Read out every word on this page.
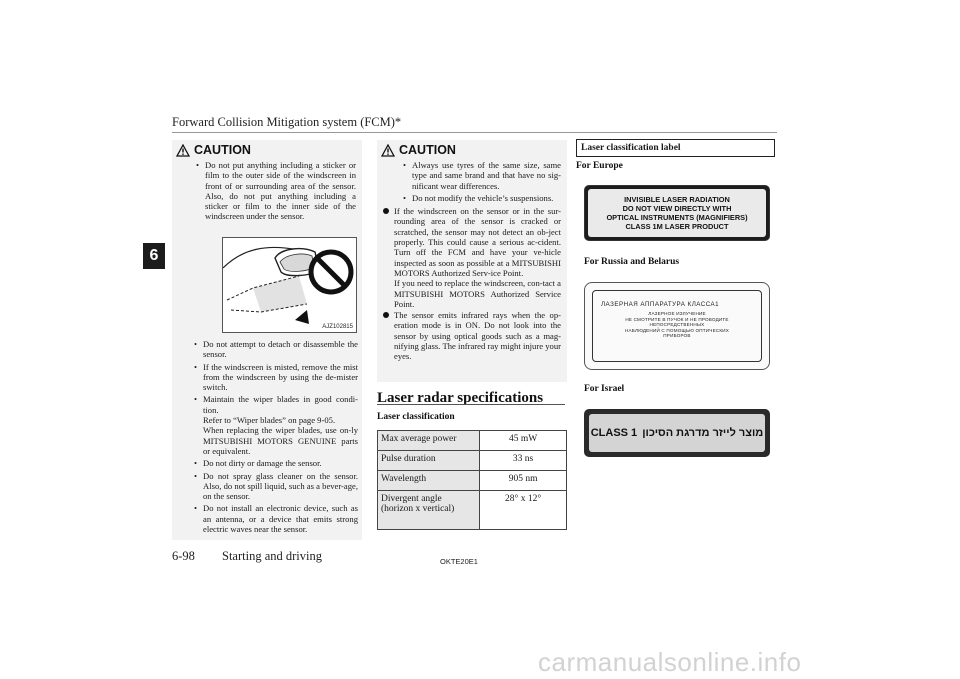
Forward Collision Mitigation system (FCM)*
6
CAUTION
• Do not put anything including a sticker or film to the outer side of the windscreen in front of or surrounding area of the sensor. Also, do not put anything including a sticker or film to the inner side of the windscreen under the sensor.
AJZ102815
• Do not attempt to detach or disassemble the sensor.
• If the windscreen is misted, remove the mist from the windscreen by using the de-mister switch.
• Maintain the wiper blades in good condi-tion.
Refer to “Wiper blades” on page 9-05.
When replacing the wiper blades, use on-ly MITSUBISHI MOTORS GENUINE parts or equivalent.
• Do not dirty or damage the sensor.
• Do not spray glass cleaner on the sensor. Also, do not spill liquid, such as a bever-age, on the sensor.
• Do not install an electronic device, such as an antenna, or a device that emits strong electric waves near the sensor.
CAUTION
• Always use tyres of the same size, same type and same brand and that have no sig-nificant wear differences.
• Do not modify the vehicle’s suspensions.
If the windscreen on the sensor or in the sur-rounding area of the sensor is cracked or scratched, the sensor may not detect an ob-ject properly. This could cause a serious ac-cident. Turn off the FCM and have your ve-hicle inspected as soon as possible at a MITSUBISHI MOTORS Authorized Serv-ice Point.
If you need to replace the windscreen, con-tact a MITSUBISHI MOTORS Authorized Service Point.
The sensor emits infrared rays when the op-eration mode is in ON. Do not look into the sensor by using optical goods such as a mag-nifying glass. The infrared ray might injure your eyes.
Laser radar specifications
Laser classification
Max average power	45 mW
Pulse duration	33 ns
Wavelength	905 nm
Divergent angle (horizon x vertical)	28° x 12°
Laser classification label
For Europe
INVISIBLE LASER RADIATION
DO NOT VIEW DIRECTLY WITH
OPTICAL INSTRUMENTS (MAGNIFIERS)
CLASS 1M LASER PRODUCT
For Russia and Belarus
ЛАЗЕРНАЯ АППАРАТУРА КЛАССА1
ЛАЗЕРНОЕ ИЗЛУЧЕНИЕ
НЕ СМОТРИТЕ В ПУЧОК И НЕ ПРОВОДИТЕ
НЕПОСРЕДСТВЕННЫХ
НАБЛЮДЕНИЙ С ПОМОЩЬЮ ОПТИЧЕСКИХ
ПРИБОРОВ
For Israel
CLASS 1 מוצר לייזר מדרגת הסיכון
6-98 Starting and driving	OKTE20E1
carmanualsonline.info
